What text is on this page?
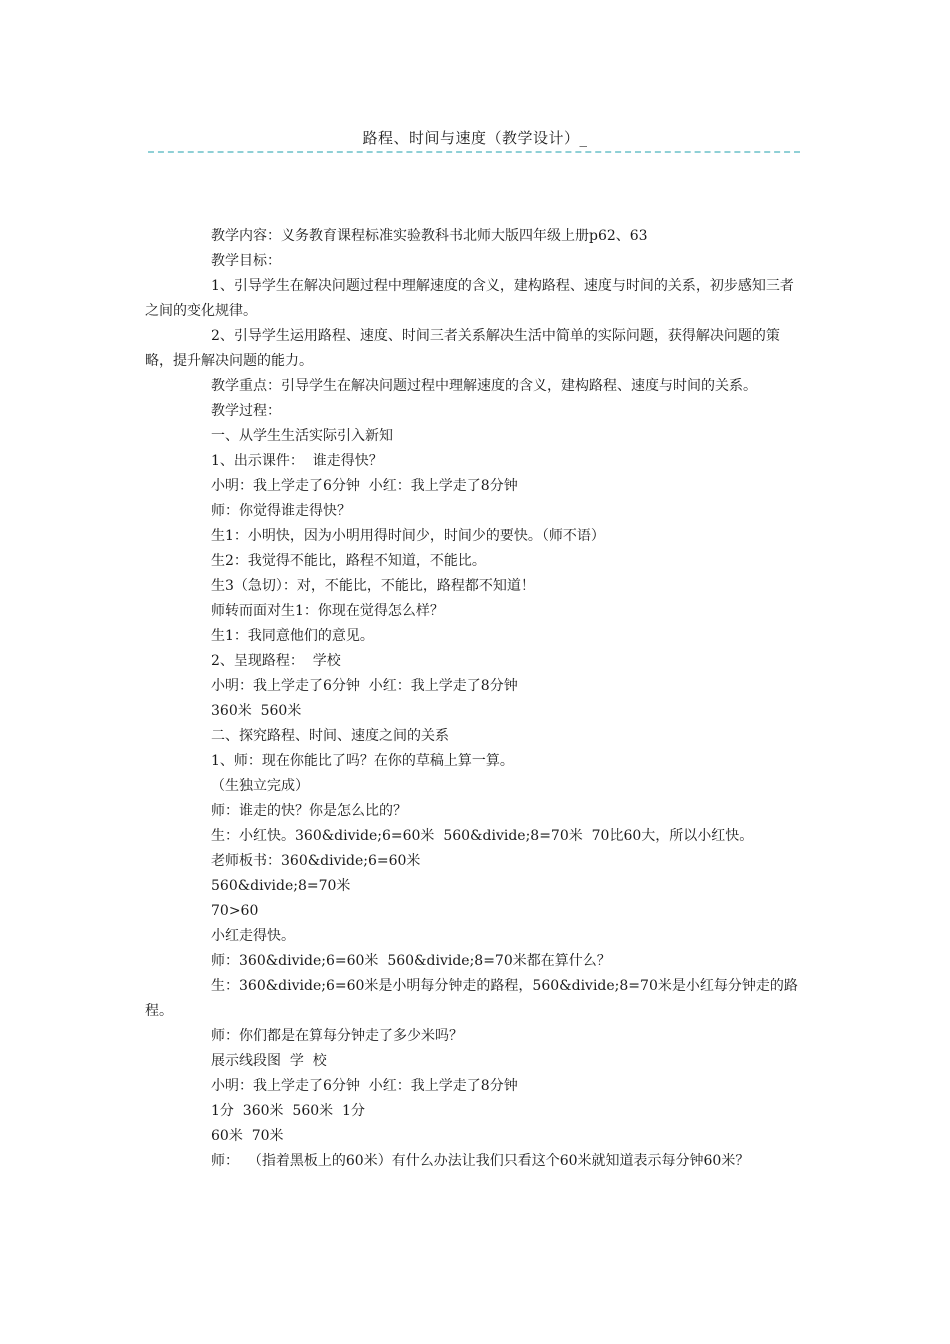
路程、时间与速度（教学设计）_

教学内容：义务教育课程标准实验教科书北师大版四年级上册p62、63

教学目标：

1、引导学生在解决问题过程中理解速度的含义，建构路程、速度与时间的关系，初步感知三者之间的变化规律。

2、引导学生运用路程、速度、时间三者关系解决生活中简单的实际问题，获得解决问题的策略，提升解决问题的能力。

教学重点：引导学生在解决问题过程中理解速度的含义，建构路程、速度与时间的关系。

教学过程：

一、从学生生活实际引入新知

1、出示课件：  谁走得快？

小明：我上学走了6分钟  小红：我上学走了8分钟

师：你觉得谁走得快？

生1：小明快，因为小明用得时间少，时间少的要快。（师不语）

生2：我觉得不能比，路程不知道，不能比。

生3（急切）：对，不能比，不能比，路程都不知道！

师转而面对生1：你现在觉得怎么样？

生1：我同意他们的意见。

2、呈现路程：  学校

小明：我上学走了6分钟  小红：我上学走了8分钟

360米  560米

二、探究路程、时间、速度之间的关系

1、师：现在你能比了吗？在你的草稿上算一算。

（生独立完成）

师：谁走的快？你是怎么比的？

生：小红快。360&divide;6=60米  560&divide;8=70米  70比60大，所以小红快。

老师板书：360&divide;6=60米

560&divide;8=70米

70>60

小红走得快。

师：360&divide;6=60米  560&divide;8=70米都在算什么？

生：360&divide;6=60米是小明每分钟走的路程，560&divide;8=70米是小红每分钟走的路程。

师：你们都是在算每分钟走了多少米吗？

展示线段图  学  校

小明：我上学走了6分钟  小红：我上学走了8分钟

1分  360米  560米  1分

60米  70米

师：  （指着黑板上的60米）有什么办法让我们只看这个60米就知道表示每分钟60米？
